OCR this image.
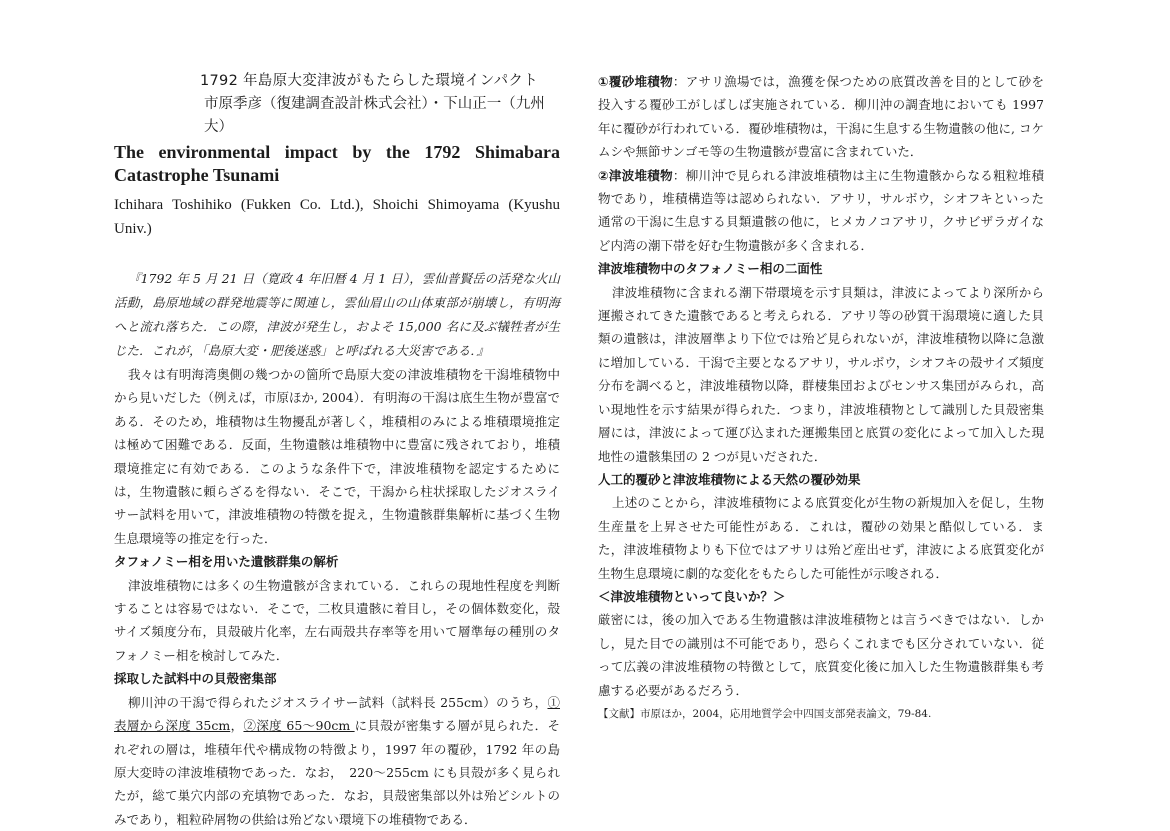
1792 年島原大変津波がもたらした環境インパクト
市原季彦（復建調査設計株式会社）・下山正一（九州大）
The environmental impact by the 1792 Shimabara Catastrophe Tsunami
Ichihara Toshihiko (Fukken Co. Ltd.), Shoichi Shimoyama (Kyushu Univ.)

『1792 年 5 月 21 日（寛政 4 年旧暦 4 月 1 日），雲仙普賢岳の活発な火山活動，島原地域の群発地震等に関連し，雲仙眉山の山体東部が崩壊し，有明海へと流れ落ちた．この際，津波が発生し，およそ 15,000 名に及ぶ犠牲者が生じた．これが，「島原大変・肥後迷惑」と呼ばれる大災害である．』

我々は有明海湾奥側の幾つかの箇所で島原大変の津波堆積物を干潟堆積物中から見いだした（例えば，市原ほか, 2004）．有明海の干潟は底生生物が豊富である．そのため，堆積物は生物擾乱が著しく，堆積相のみによる堆積環境推定は極めて困難である．反面，生物遺骸は堆積物中に豊富に残されており，堆積環境推定に有効である．このような条件下で，津波堆積物を認定するためには，生物遺骸に頼らざるを得ない．そこで，干潟から柱状採取したジオスライサー試料を用いて，津波堆積物の特徴を捉え，生物遺骸群集解析に基づく生物生息環境等の推定を行った．

タフォノミー相を用いた遺骸群集の解析

津波堆積物には多くの生物遺骸が含まれている．これらの現地性程度を判断することは容易ではない．そこで，二枚貝遺骸に着目し，その個体数変化，殻サイズ頻度分布，貝殻破片化率，左右両殻共存率等を用いて層準毎の種別のタフォノミー相を検討してみた．

採取した試料中の貝殻密集部

柳川沖の干潟で得られたジオスライサー試料（試料長 255cm）のうち，①表層から深度 35cm，②深度 65〜90cm に貝殻が密集する層が見られた．それぞれの層は，堆積年代や構成物の特徴より，1997 年の覆砂，1792 年の島原大変時の津波堆積物であった．なお，　220〜255cm にも貝殻が多く見られたが，総て巣穴内部の充填物であった．なお，貝殻密集部以外は殆どシルトのみであり，粗粒砕屑物の供給は殆どない環境下の堆積物である．

①覆砂堆積物：アサリ漁場では，漁獲を保つための底質改善を目的として砂を投入する覆砂工がしばしば実施されている．柳川沖の調査地においても 1997 年に覆砂が行われている．覆砂堆積物は，干潟に生息する生物遺骸の他に, コケムシや無節サンゴモ等の生物遺骸が豊富に含まれていた．

②津波堆積物：柳川沖で見られる津波堆積物は主に生物遺骸からなる粗粒堆積物であり，堆積構造等は認められない．アサリ，サルボウ，シオフキといった通常の干潟に生息する貝類遺骸の他に，ヒメカノコアサリ，クサビザラガイなど内湾の潮下帯を好む生物遺骸が多く含まれる．

津波堆積物中のタフォノミー相の二面性

津波堆積物に含まれる潮下帯環境を示す貝類は，津波によってより深所から運搬されてきた遺骸であると考えられる．アサリ等の砂質干潟環境に適した貝類の遺骸は，津波層準より下位では殆ど見られないが，津波堆積物以降に急激に増加している．干潟で主要となるアサリ，サルボウ，シオフキの殻サイズ頻度分布を調べると，津波堆積物以降，群棲集団およびセンサス集団がみられ，高い現地性を示す結果が得られた．つまり，津波堆積物として識別した貝殻密集層には，津波によって運び込まれた運搬集団と底質の変化によって加入した現地性の遺骸集団の 2 つが見いだされた．

人工的覆砂と津波堆積物による天然の覆砂効果

上述のことから，津波堆積物による底質変化が生物の新規加入を促し，生物生産量を上昇させた可能性がある．これは，覆砂の効果と酷似している．また，津波堆積物よりも下位ではアサリは殆ど産出せず，津波による底質変化が生物生息環境に劇的な変化をもたらした可能性が示唆される．

＜津波堆積物といって良いか？＞

厳密には，後の加入である生物遺骸は津波堆積物とは言うべきではない．しかし，見た目での識別は不可能であり，恐らくこれまでも区分されていない．従って広義の津波堆積物の特徴として，底質変化後に加入した生物遺骸群集も考慮する必要があるだろう．

【文献】市原ほか，2004，応用地質学会中四国支部発表論文，79-84.
